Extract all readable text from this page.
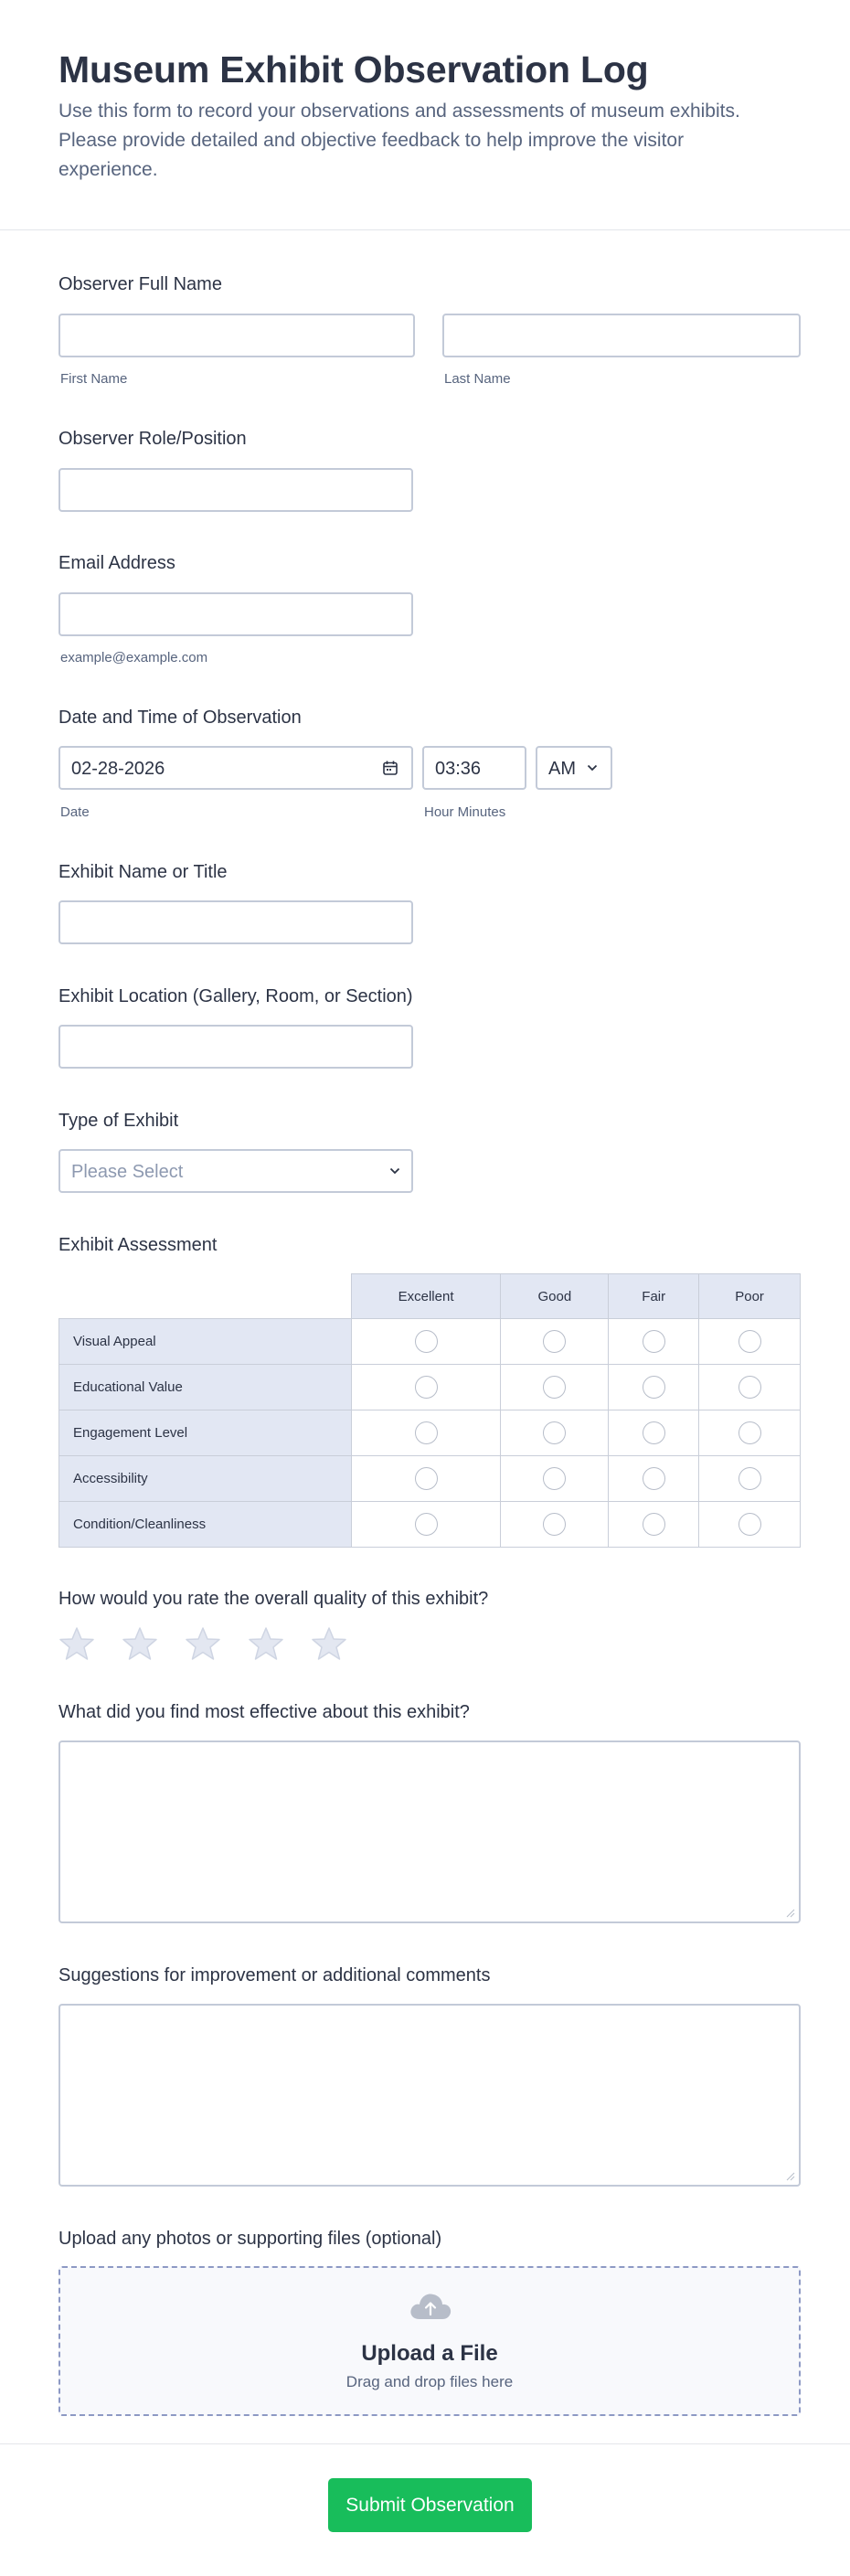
Museum Exhibit Observation Log

Use this form to record your observations and assessments of museum exhibits. Please provide detailed and objective feedback to help improve the visitor experience.

Observer Full Name
First Name	Last Name
Observer Role/Position
Email Address
example@example.com
Date and Time of Observation
02-28-2026	03:36	AM
Date	Hour Minutes
Exhibit Name or Title
Exhibit Location (Gallery, Room, or Section)
Type of Exhibit
Please Select
Exhibit Assessment
	Excellent	Good	Fair	Poor
Visual Appeal				
Educational Value				
Engagement Level				
Accessibility				
Condition/Cleanliness				
How would you rate the overall quality of this exhibit?
What did you find most effective about this exhibit?
Suggestions for improvement or additional comments
Upload any photos or supporting files (optional)
Upload a File
Drag and drop files here
Submit Observation
